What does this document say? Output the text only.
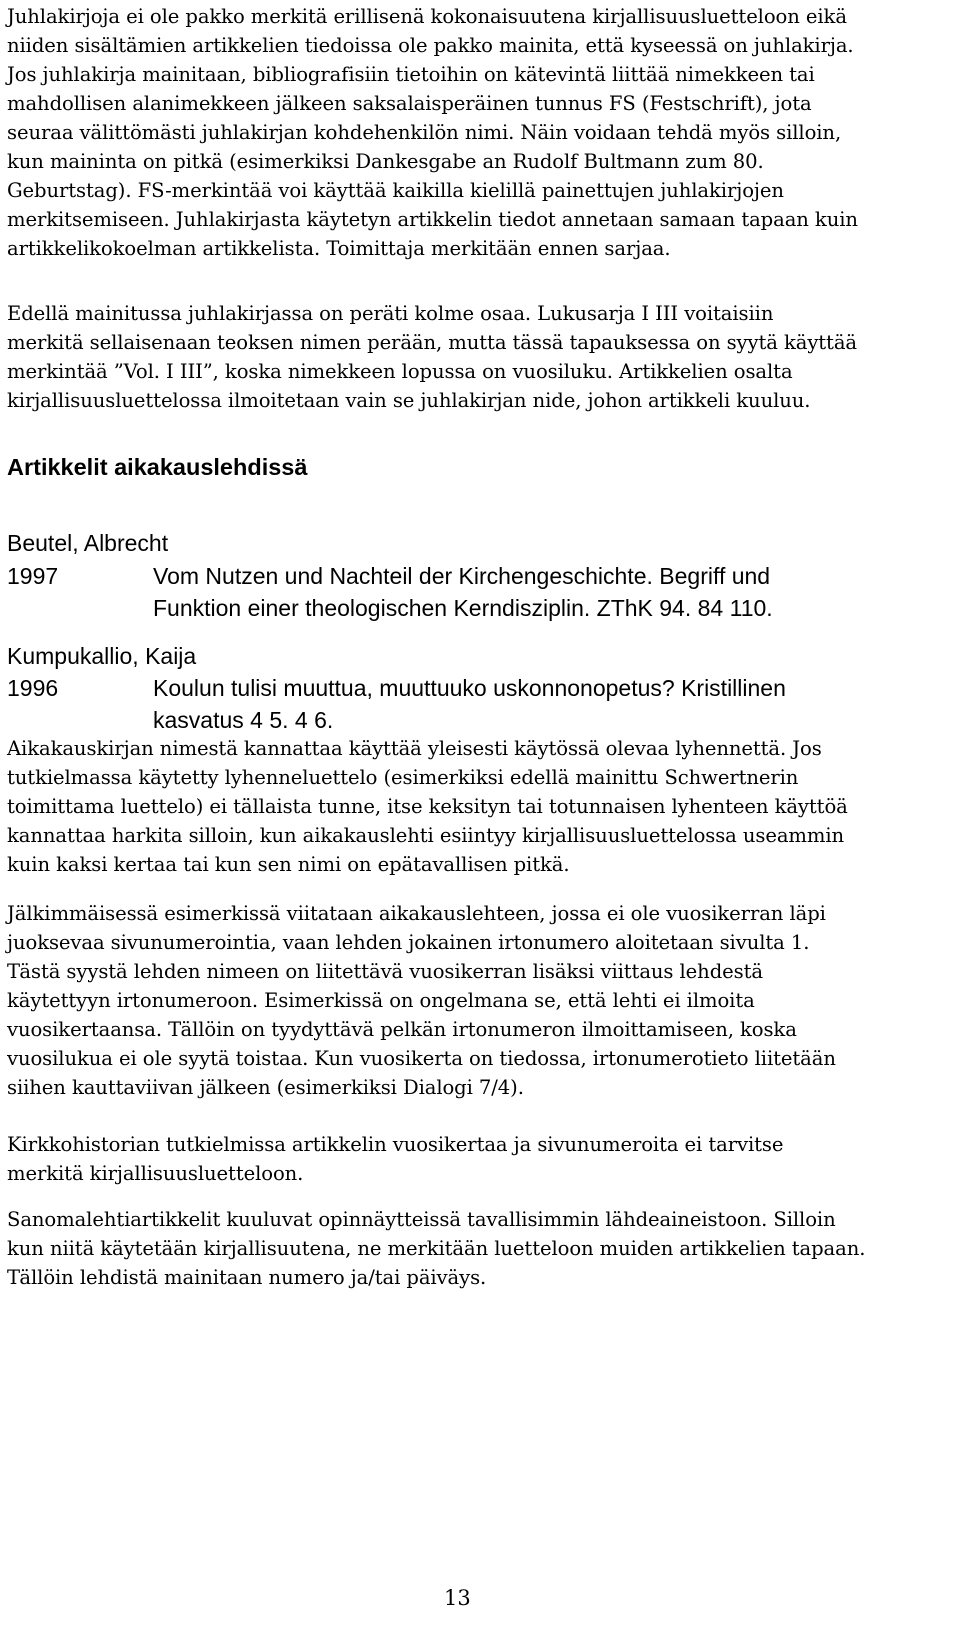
Juhlakirjoja ei ole pakko merkitä erillisenä kokonaisuutena kirjallisuusluetteloon eikä
niiden sisältämien artikkelien tiedoissa ole pakko mainita, että kyseessä on juhlakirja.
Jos juhlakirja mainitaan, bibliografisiin tietoihin on kätevintä liittää nimekkeen tai
mahdollisen alanimekkeen jälkeen saksalaisperäinen tunnus FS (Festschrift), jota
seuraa välittömästi juhlakirjan kohdehenkilön nimi. Näin voidaan tehdä myös silloin,
kun maininta on pitkä (esimerkiksi Dankesgabe an Rudolf Bultmann zum 80.
Geburtstag). FS-merkintää voi käyttää kaikilla kielillä painettujen juhlakirjojen
merkitsemiseen. Juhlakirjasta käytetyn artikkelin tiedot annetaan samaan tapaan kuin
artikkelikokoelman artikkelista. Toimittaja merkitään ennen sarjaa.

Edellä mainitussa juhlakirjassa on peräti kolme osaa. Lukusarja I III voitaisiin
merkitä sellaisenaan teoksen nimen perään, mutta tässä tapauksessa on syytä käyttää
merkintää ”Vol. I III”, koska nimekkeen lopussa on vuosiluku. Artikkelien osalta
kirjallisuusluettelossa ilmoitetaan vain se juhlakirjan nide, johon artikkeli kuuluu.

Artikkelit aikakauslehdissä

Beutel, Albrecht

1997	Vom Nutzen und Nachteil der Kirchengeschichte. Begriff und
Funktion einer theologischen Kerndisziplin. ZThK 94. 84 110.

Kumpukallio, Kaija

1996	Koulun tulisi muuttua, muuttuuko uskonnonopetus? Kristillinen
kasvatus 4 5. 4 6.

Aikakauskirjan nimestä kannattaa käyttää yleisesti käytössä olevaa lyhennettä. Jos
tutkielmassa käytetty lyhenneluettelo (esimerkiksi edellä mainittu Schwertnerin
toimittama luettelo) ei tällaista tunne, itse keksityn tai totunnaisen lyhenteen käyttöä
kannattaa harkita silloin, kun aikakauslehti esiintyy kirjallisuusluettelossa useammin
kuin kaksi kertaa tai kun sen nimi on epätavallisen pitkä.

Jälkimmäisessä esimerkissä viitataan aikakauslehteen, jossa ei ole vuosikerran läpi
juoksevaa sivunumerointia, vaan lehden jokainen irtonumero aloitetaan sivulta 1.
Tästä syystä lehden nimeen on liitettävä vuosikerran lisäksi viittaus lehdestä
käytettyyn irtonumeroon. Esimerkissä on ongelmana se, että lehti ei ilmoita
vuosikertaansa. Tällöin on tyydyttävä pelkän irtonumeron ilmoittamiseen, koska
vuosilukua ei ole syytä toistaa. Kun vuosikerta on tiedossa, irtonumerotieto liitetään
siihen kauttaviivan jälkeen (esimerkiksi Dialogi 7/4).

Kirkkohistorian tutkielmissa artikkelin vuosikertaa ja sivunumeroita ei tarvitse
merkitä kirjallisuusluetteloon.

Sanomalehtiartikkelit kuuluvat opinnäytteissä tavallisimmin lähdeaineistoon. Silloin
kun niitä käytetään kirjallisuutena, ne merkitään luetteloon muiden artikkelien tapaan.
Tällöin lehdistä mainitaan numero ja/tai päiväys.

13
